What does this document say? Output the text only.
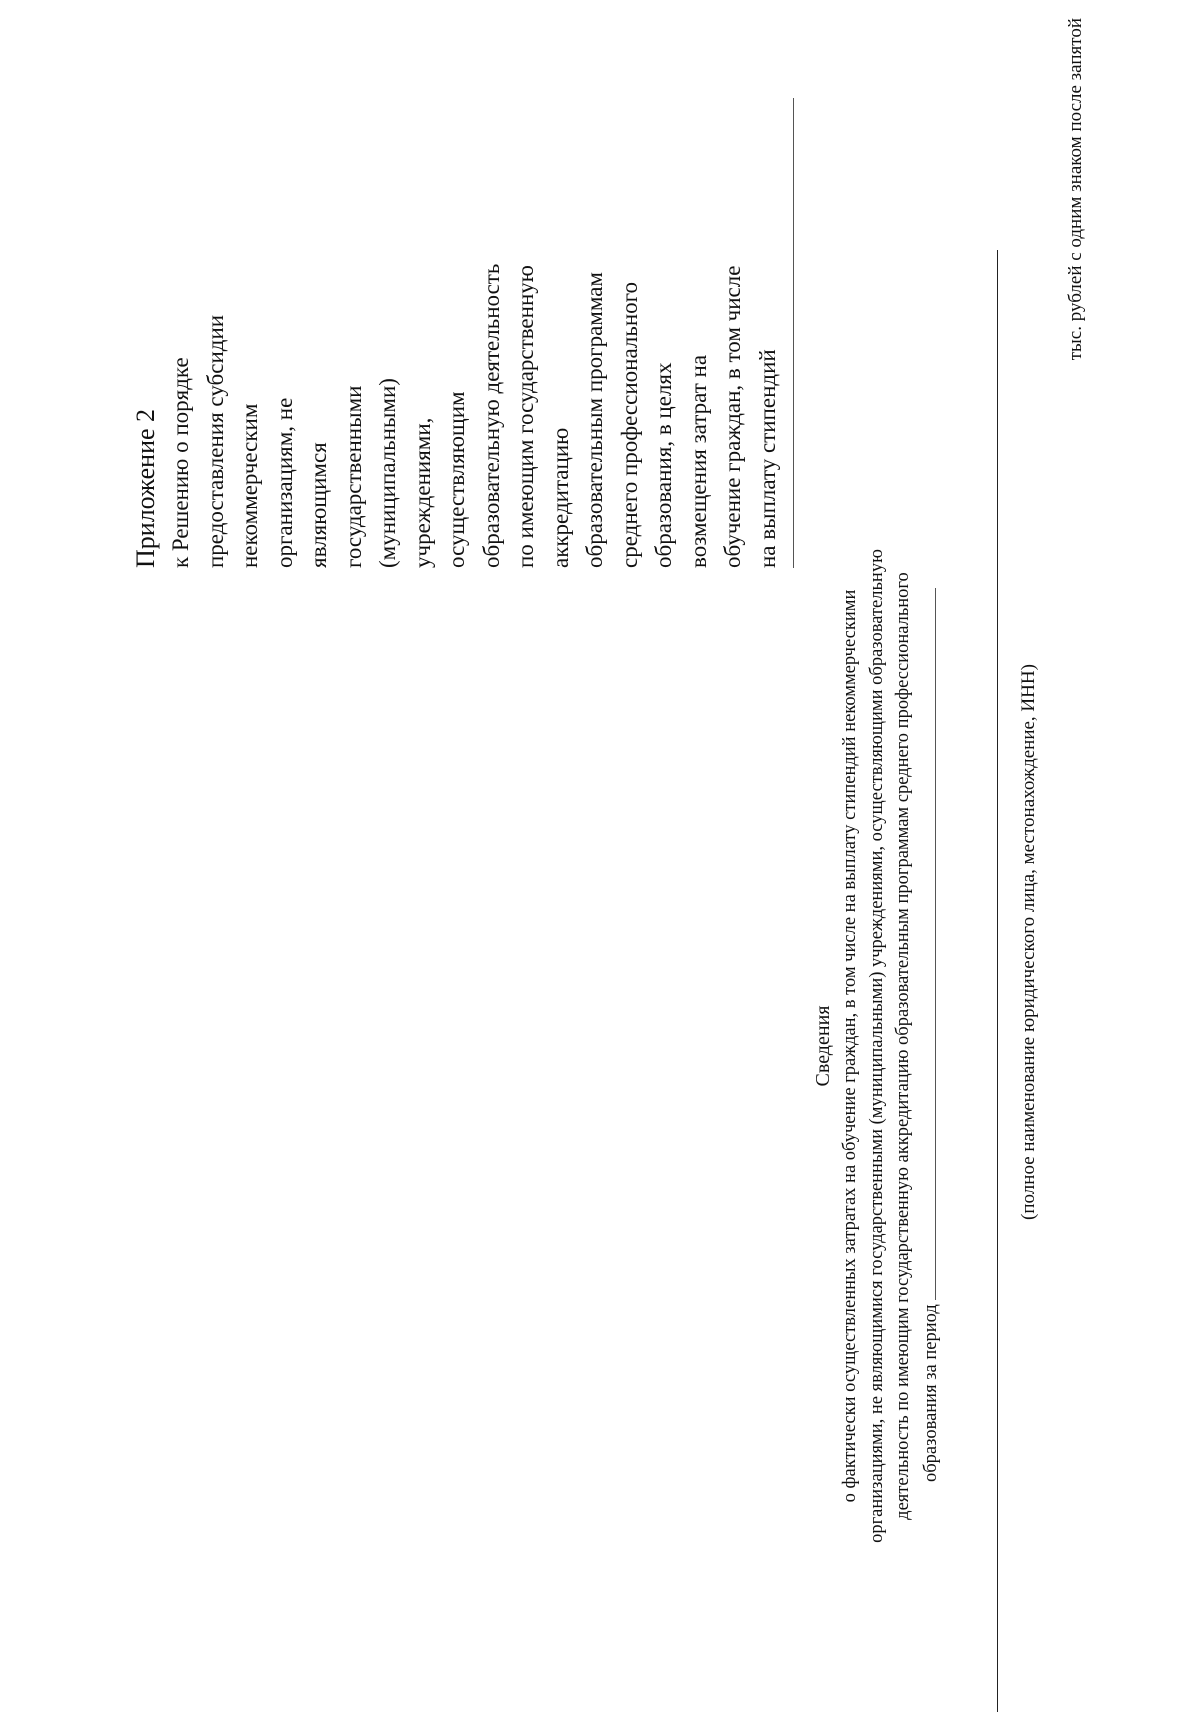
Приложение 2 к Решению о порядке предоставления субсидии некоммерческим организациям, не являющимся государственными (муниципальными) учреждениями, осуществляющим образовательную деятельность по имеющим государственную аккредитацию образовательным программам среднего профессионального образования, в целях возмещения затрат на обучение граждан, в том числе на выплату стипендий
Сведения о фактически осуществленных затратах на обучение граждан, в том числе на выплату стипендий некоммерческими организациями, не являющимися государственными (муниципальными) учреждениями, осуществляющими образовательную деятельность по имеющим государственную аккредитацию образовательным программам среднего профессионального образования за период
(полное наименование юридического лица, местонахождение, ИНН)
тыс. рублей с одним знаком после запятой
